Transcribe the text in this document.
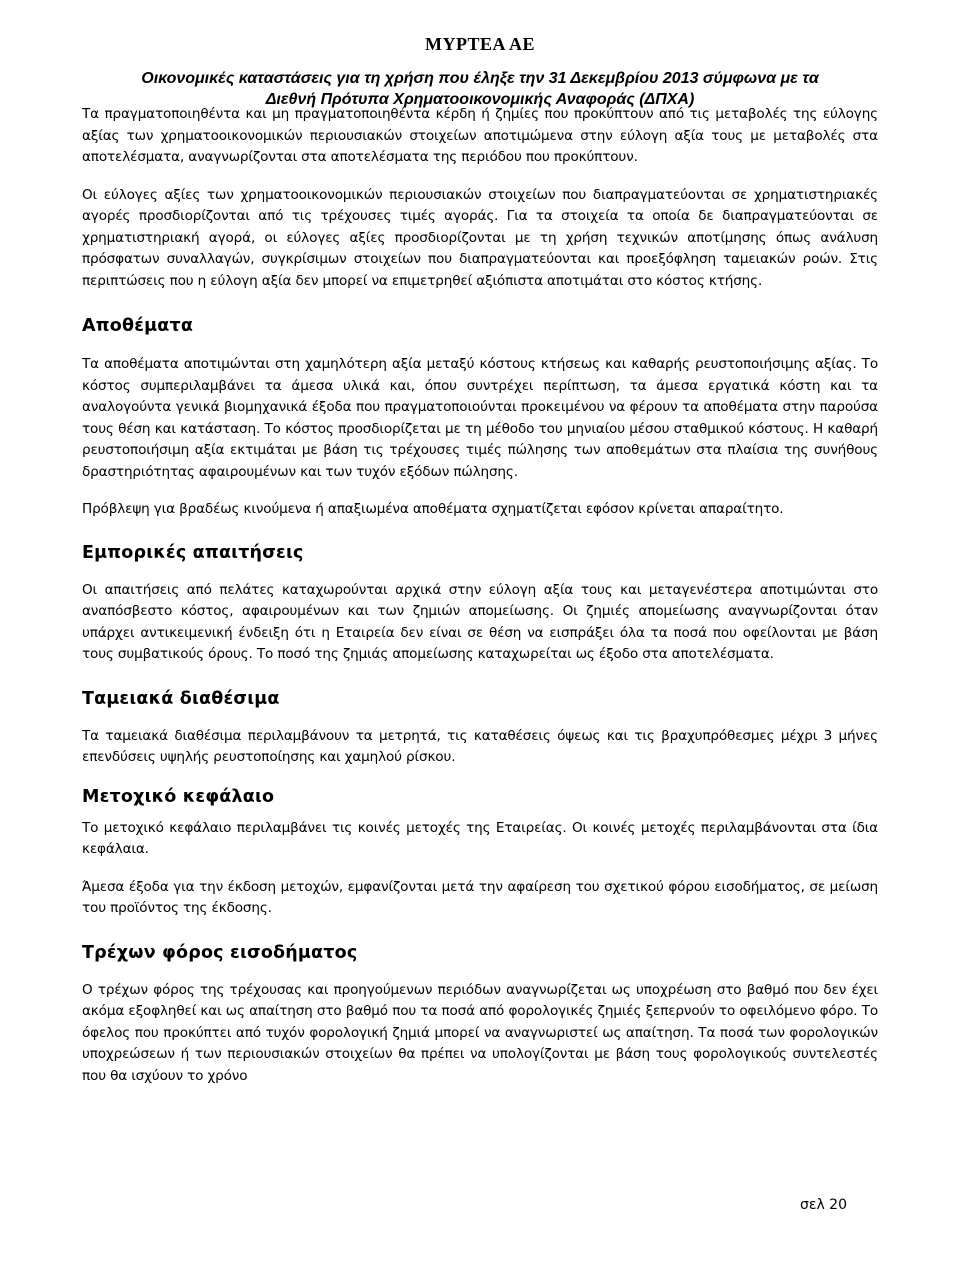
ΜΥΡΤΕΑ ΑΕ
Οικονομικές καταστάσεις για τη χρήση που έληξε την 31 Δεκεμβρίου 2013 σύμφωνα με τα
Διεθνή Πρότυπα Χρηματοοικονομικής Αναφοράς (ΔΠΧΑ)

Τα πραγματοποιηθέντα και μη πραγματοποιηθέντα κέρδη ή ζημίες που προκύπτουν από τις μεταβολές της εύλογης αξίας των χρηματοοικονομικών περιουσιακών στοιχείων αποτιμώμενα στην εύλογη αξία τους με μεταβολές στα αποτελέσματα, αναγνωρίζονται στα αποτελέσματα της περιόδου που προκύπτουν.

Οι εύλογες αξίες των χρηματοοικονομικών περιουσιακών στοιχείων που διαπραγματεύονται σε χρηματιστηριακές αγορές προσδιορίζονται από τις τρέχουσες τιμές αγοράς. Για τα στοιχεία τα οποία δε διαπραγματεύονται σε χρηματιστηριακή αγορά, οι εύλογες αξίες προσδιορίζονται με τη χρήση τεχνικών αποτίμησης όπως ανάλυση πρόσφατων συναλλαγών, συγκρίσιμων στοιχείων που διαπραγματεύονται και προεξόφληση ταμειακών ροών. Στις περιπτώσεις που η εύλογη αξία δεν μπορεί να επιμετρηθεί αξιόπιστα αποτιμάται στο κόστος κτήσης.

Αποθέματα

Τα αποθέματα αποτιμώνται στη χαμηλότερη αξία μεταξύ κόστους κτήσεως και καθαρής ρευστοποιήσιμης αξίας. Το κόστος συμπεριλαμβάνει τα άμεσα υλικά και, όπου συντρέχει περίπτωση, τα άμεσα εργατικά κόστη και τα αναλογούντα γενικά βιομηχανικά έξοδα που πραγματοποιούνται προκειμένου να φέρουν τα αποθέματα στην παρούσα τους θέση και κατάσταση. Το κόστος προσδιορίζεται με τη μέθοδο του μηνιαίου μέσου σταθμικού κόστους. Η καθαρή ρευστοποιήσιμη αξία εκτιμάται με βάση τις τρέχουσες τιμές πώλησης των αποθεμάτων στα πλαίσια της συνήθους δραστηριότητας αφαιρουμένων και των τυχόν εξόδων πώλησης.

Πρόβλεψη για βραδέως κινούμενα ή απαξιωμένα αποθέματα σχηματίζεται εφόσον κρίνεται απαραίτητο.

Εμπορικές απαιτήσεις

Οι απαιτήσεις από πελάτες καταχωρούνται αρχικά στην εύλογη αξία τους και μεταγενέστερα αποτιμώνται στο αναπόσβεστο κόστος, αφαιρουμένων και των ζημιών απομείωσης. Οι ζημιές απομείωσης αναγνωρίζονται όταν υπάρχει αντικειμενική ένδειξη ότι η Εταιρεία δεν είναι σε θέση να εισπράξει όλα τα ποσά που οφείλονται με βάση τους συμβατικούς όρους. Το ποσό της ζημιάς απομείωσης καταχωρείται ως έξοδο στα αποτελέσματα.

Ταμειακά διαθέσιμα

Τα ταμειακά διαθέσιμα περιλαμβάνουν τα μετρητά, τις καταθέσεις όψεως και τις βραχυπρόθεσμες μέχρι 3 μήνες επενδύσεις υψηλής ρευστοποίησης και χαμηλού ρίσκου.

Μετοχικό κεφάλαιο

Το μετοχικό κεφάλαιο περιλαμβάνει τις κοινές μετοχές της Εταιρείας. Οι κοινές μετοχές περιλαμβάνονται στα ίδια κεφάλαια.

Άμεσα έξοδα για την έκδοση μετοχών, εμφανίζονται μετά την αφαίρεση του σχετικού φόρου εισοδήματος, σε μείωση του προϊόντος της έκδοσης.

Τρέχων φόρος εισοδήματος

Ο τρέχων φόρος της τρέχουσας και προηγούμενων περιόδων αναγνωρίζεται ως υποχρέωση στο βαθμό που δεν έχει ακόμα εξοφληθεί και ως απαίτηση στο βαθμό που τα ποσά από φορολογικές ζημιές ξεπερνούν το οφειλόμενο φόρο. Το όφελος που προκύπτει από τυχόν φορολογική ζημιά μπορεί να αναγνωριστεί ως απαίτηση. Τα ποσά των φορολογικών υποχρεώσεων ή των περιουσιακών στοιχείων θα πρέπει να υπολογίζονται με βάση τους φορολογικούς συντελεστές που θα ισχύουν το χρόνο

σελ 20
